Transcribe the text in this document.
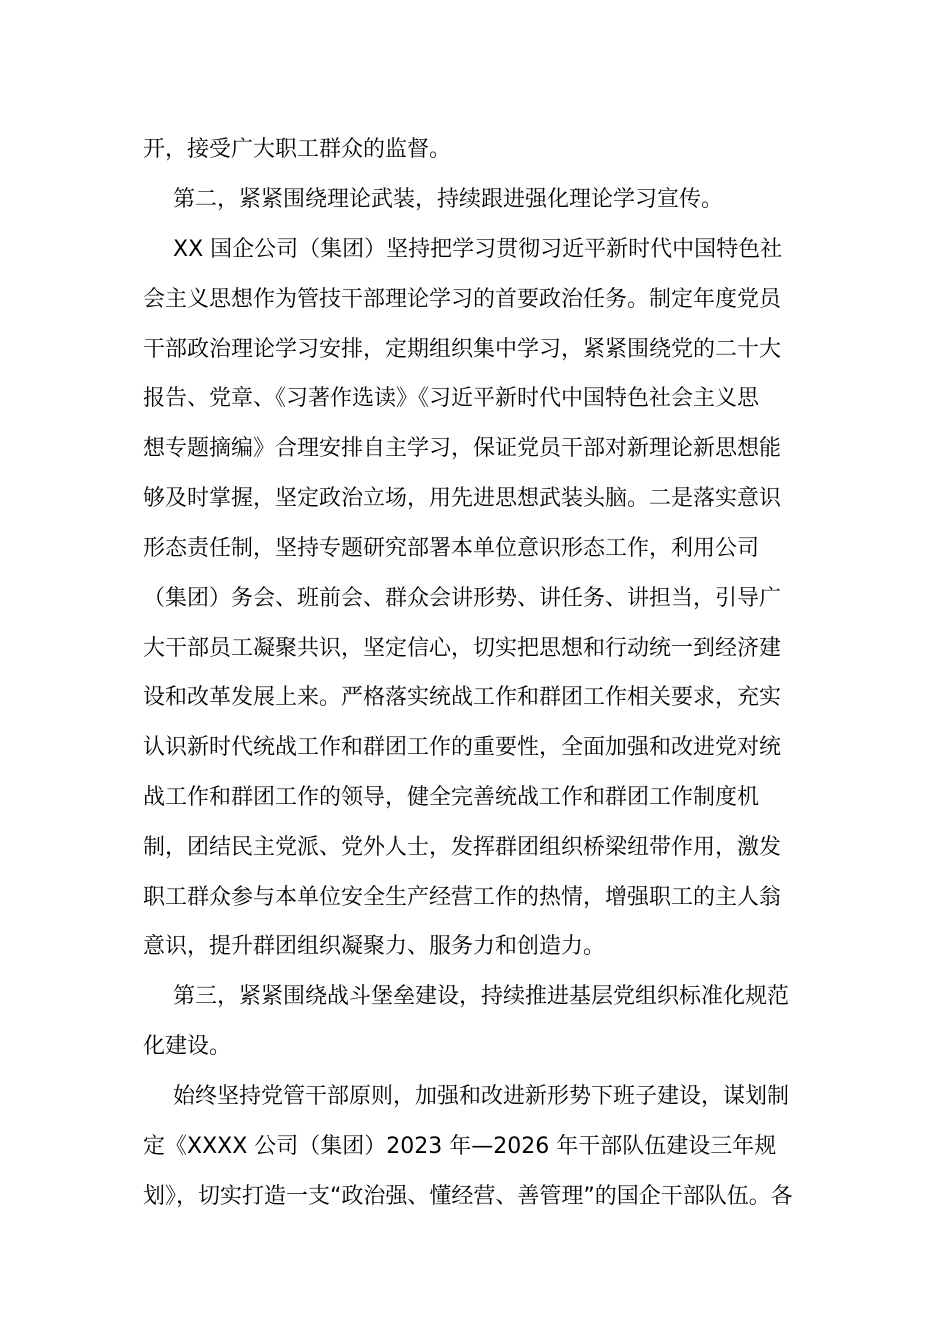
开，接受广大职工群众的监督。
第二，紧紧围绕理论武装，持续跟进强化理论学习宣传。
XX 国企公司（集团）坚持把学习贯彻习近平新时代中国特色社
会主义思想作为管技干部理论学习的首要政治任务。制定年度党员
干部政治理论学习安排，定期组织集中学习，紧紧围绕党的二十大
报告、党章、《习著作选读》《习近平新时代中国特色社会主义思
想专题摘编》合理安排自主学习，保证党员干部对新理论新思想能
够及时掌握，坚定政治立场，用先进思想武装头脑。二是落实意识
形态责任制，坚持专题研究部署本单位意识形态工作，利用公司
（集团）务会、班前会、群众会讲形势、讲任务、讲担当，引导广
大干部员工凝聚共识，坚定信心，切实把思想和行动统一到经济建
设和改革发展上来。严格落实统战工作和群团工作相关要求，充实
认识新时代统战工作和群团工作的重要性，全面加强和改进党对统
战工作和群团工作的领导，健全完善统战工作和群团工作制度机
制，团结民主党派、党外人士，发挥群团组织桥梁纽带作用，激发
职工群众参与本单位安全生产经营工作的热情，增强职工的主人翁
意识，提升群团组织凝聚力、服务力和创造力。
第三，紧紧围绕战斗堡垒建设，持续推进基层党组织标准化规范
化建设。
始终坚持党管干部原则，加强和改进新形势下班子建设，谋划制
定《XXXX 公司（集团）2023 年—2026 年干部队伍建设三年规
划》，切实打造一支“政治强、懂经营、善管理”的国企干部队伍。各
